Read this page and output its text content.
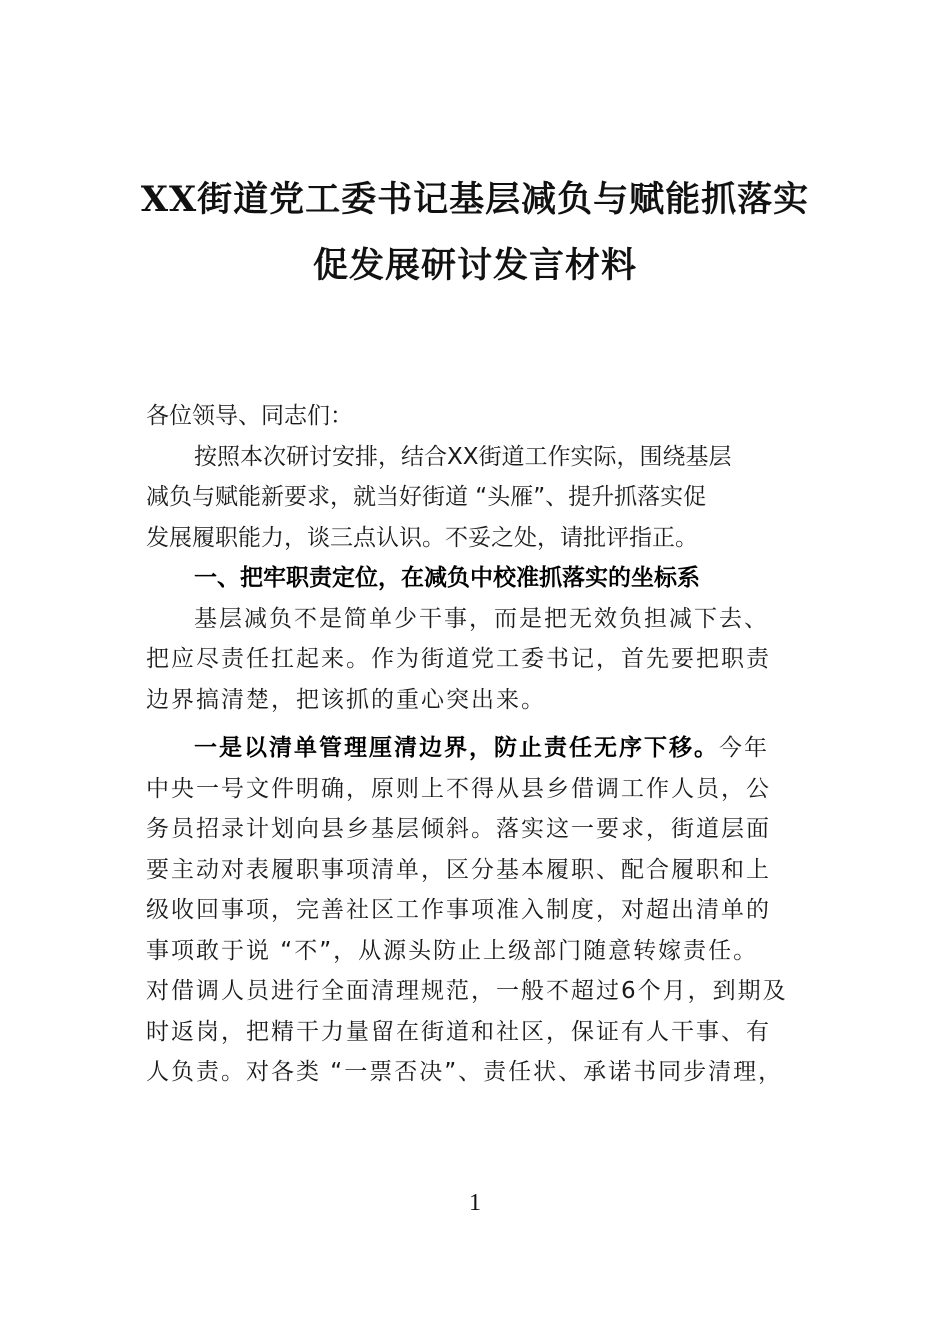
XX街道党工委书记基层减负与赋能抓落实
促发展研讨发言材料
各位领导、同志们：
按照本次研讨安排，结合XX街道工作实际，围绕基层
减负与赋能新要求，就当好街道 “头雁”、提升抓落实促
发展履职能力，谈三点认识。不妥之处，请批评指正。
一、把牢职责定位，在减负中校准抓落实的坐标系
基层减负不是简单少干事，而是把无效负担减下去、
把应尽责任扛起来。作为街道党工委书记，首先要把职责
边界搞清楚，把该抓的重心突出来。
一是以清单管理厘清边界，防止责任无序下移。今年
中央一号文件明确，原则上不得从县乡借调工作人员，公
务员招录计划向县乡基层倾斜。落实这一要求，街道层面
要主动对表履职事项清单，区分基本履职、配合履职和上
级收回事项，完善社区工作事项准入制度，对超出清单的
事项敢于说 “不”，从源头防止上级部门随意转嫁责任。
对借调人员进行全面清理规范，一般不超过6个月，到期及
时返岗，把精干力量留在街道和社区，保证有人干事、有
人负责。对各类 “一票否决”、责任状、承诺书同步清理，
1
